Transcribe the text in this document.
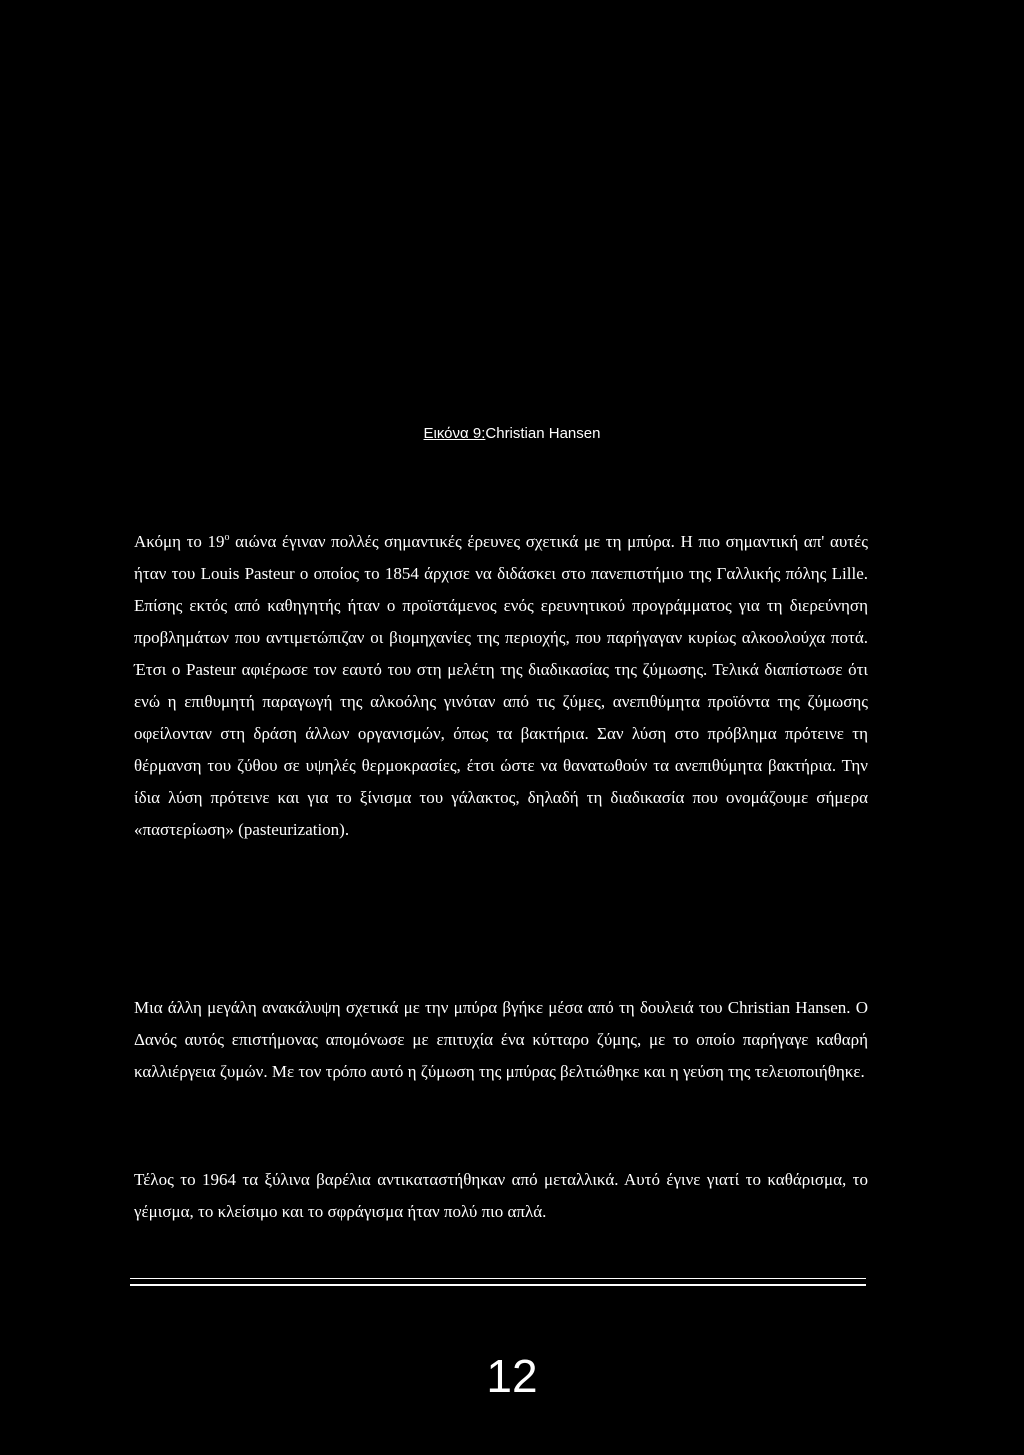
Εικόνα 9:Christian Hansen

Ακόμη το $19^o$ αιώνα έγιναν πολλές σημαντικές έρευνες σχετικά με τη μπύρα. Η πιο σημαντική απ' αυτές ήταν του Louis Pasteur ο οποίος το 1854 άρχισε να διδάσκει στο πανεπιστήμιο της Γαλλικής πόλης Lille. Επίσης εκτός από καθηγητής ήταν ο προϊστάμενος ενός ερευνητικού προγράμματος για τη διερεύνηση προβλημάτων που αντιμετώπιζαν οι βιομηχανίες της περιοχής, που παρήγαγαν κυρίως αλκοολούχα ποτά. Έτσι ο Pasteur αφιέρωσε τον εαυτό του στη μελέτη της διαδικασίας της ζύμωσης. Τελικά διαπίστωσε ότι ενώ η επιθυμητή παραγωγή της αλκοόλης γινόταν από τις ζύμες, ανεπιθύμητα προϊόντα της ζύμωσης οφείλονταν στη δράση άλλων οργανισμών, όπως τα βακτήρια. Σαν λύση στο πρόβλημα πρότεινε τη θέρμανση του ζύθου σε υψηλές θερμοκρασίες, έτσι ώστε να θανατωθούν τα ανεπιθύμητα βακτήρια. Την ίδια λύση πρότεινε και για το ξίνισμα του γάλακτος, δηλαδή τη διαδικασία που ονομάζουμε σήμερα «παστερίωση» (pasteurization).

Μια άλλη μεγάλη ανακάλυψη σχετικά με την μπύρα βγήκε μέσα από τη δουλειά του Christian Hansen. Ο Δανός αυτός επιστήμονας απομόνωσε με επιτυχία ένα κύτταρο ζύμης, με το οποίο παρήγαγε καθαρή καλλιέργεια ζυμών. Με τον τρόπο αυτό η ζύμωση της μπύρας βελτιώθηκε και η γεύση της τελειοποιήθηκε.

Τέλος το 1964 τα ξύλινα βαρέλια αντικαταστήθηκαν από μεταλλικά. Αυτό έγινε γιατί το καθάρισμα, το γέμισμα, το κλείσιμο και το σφράγισμα ήταν πολύ πιο απλά.

12
